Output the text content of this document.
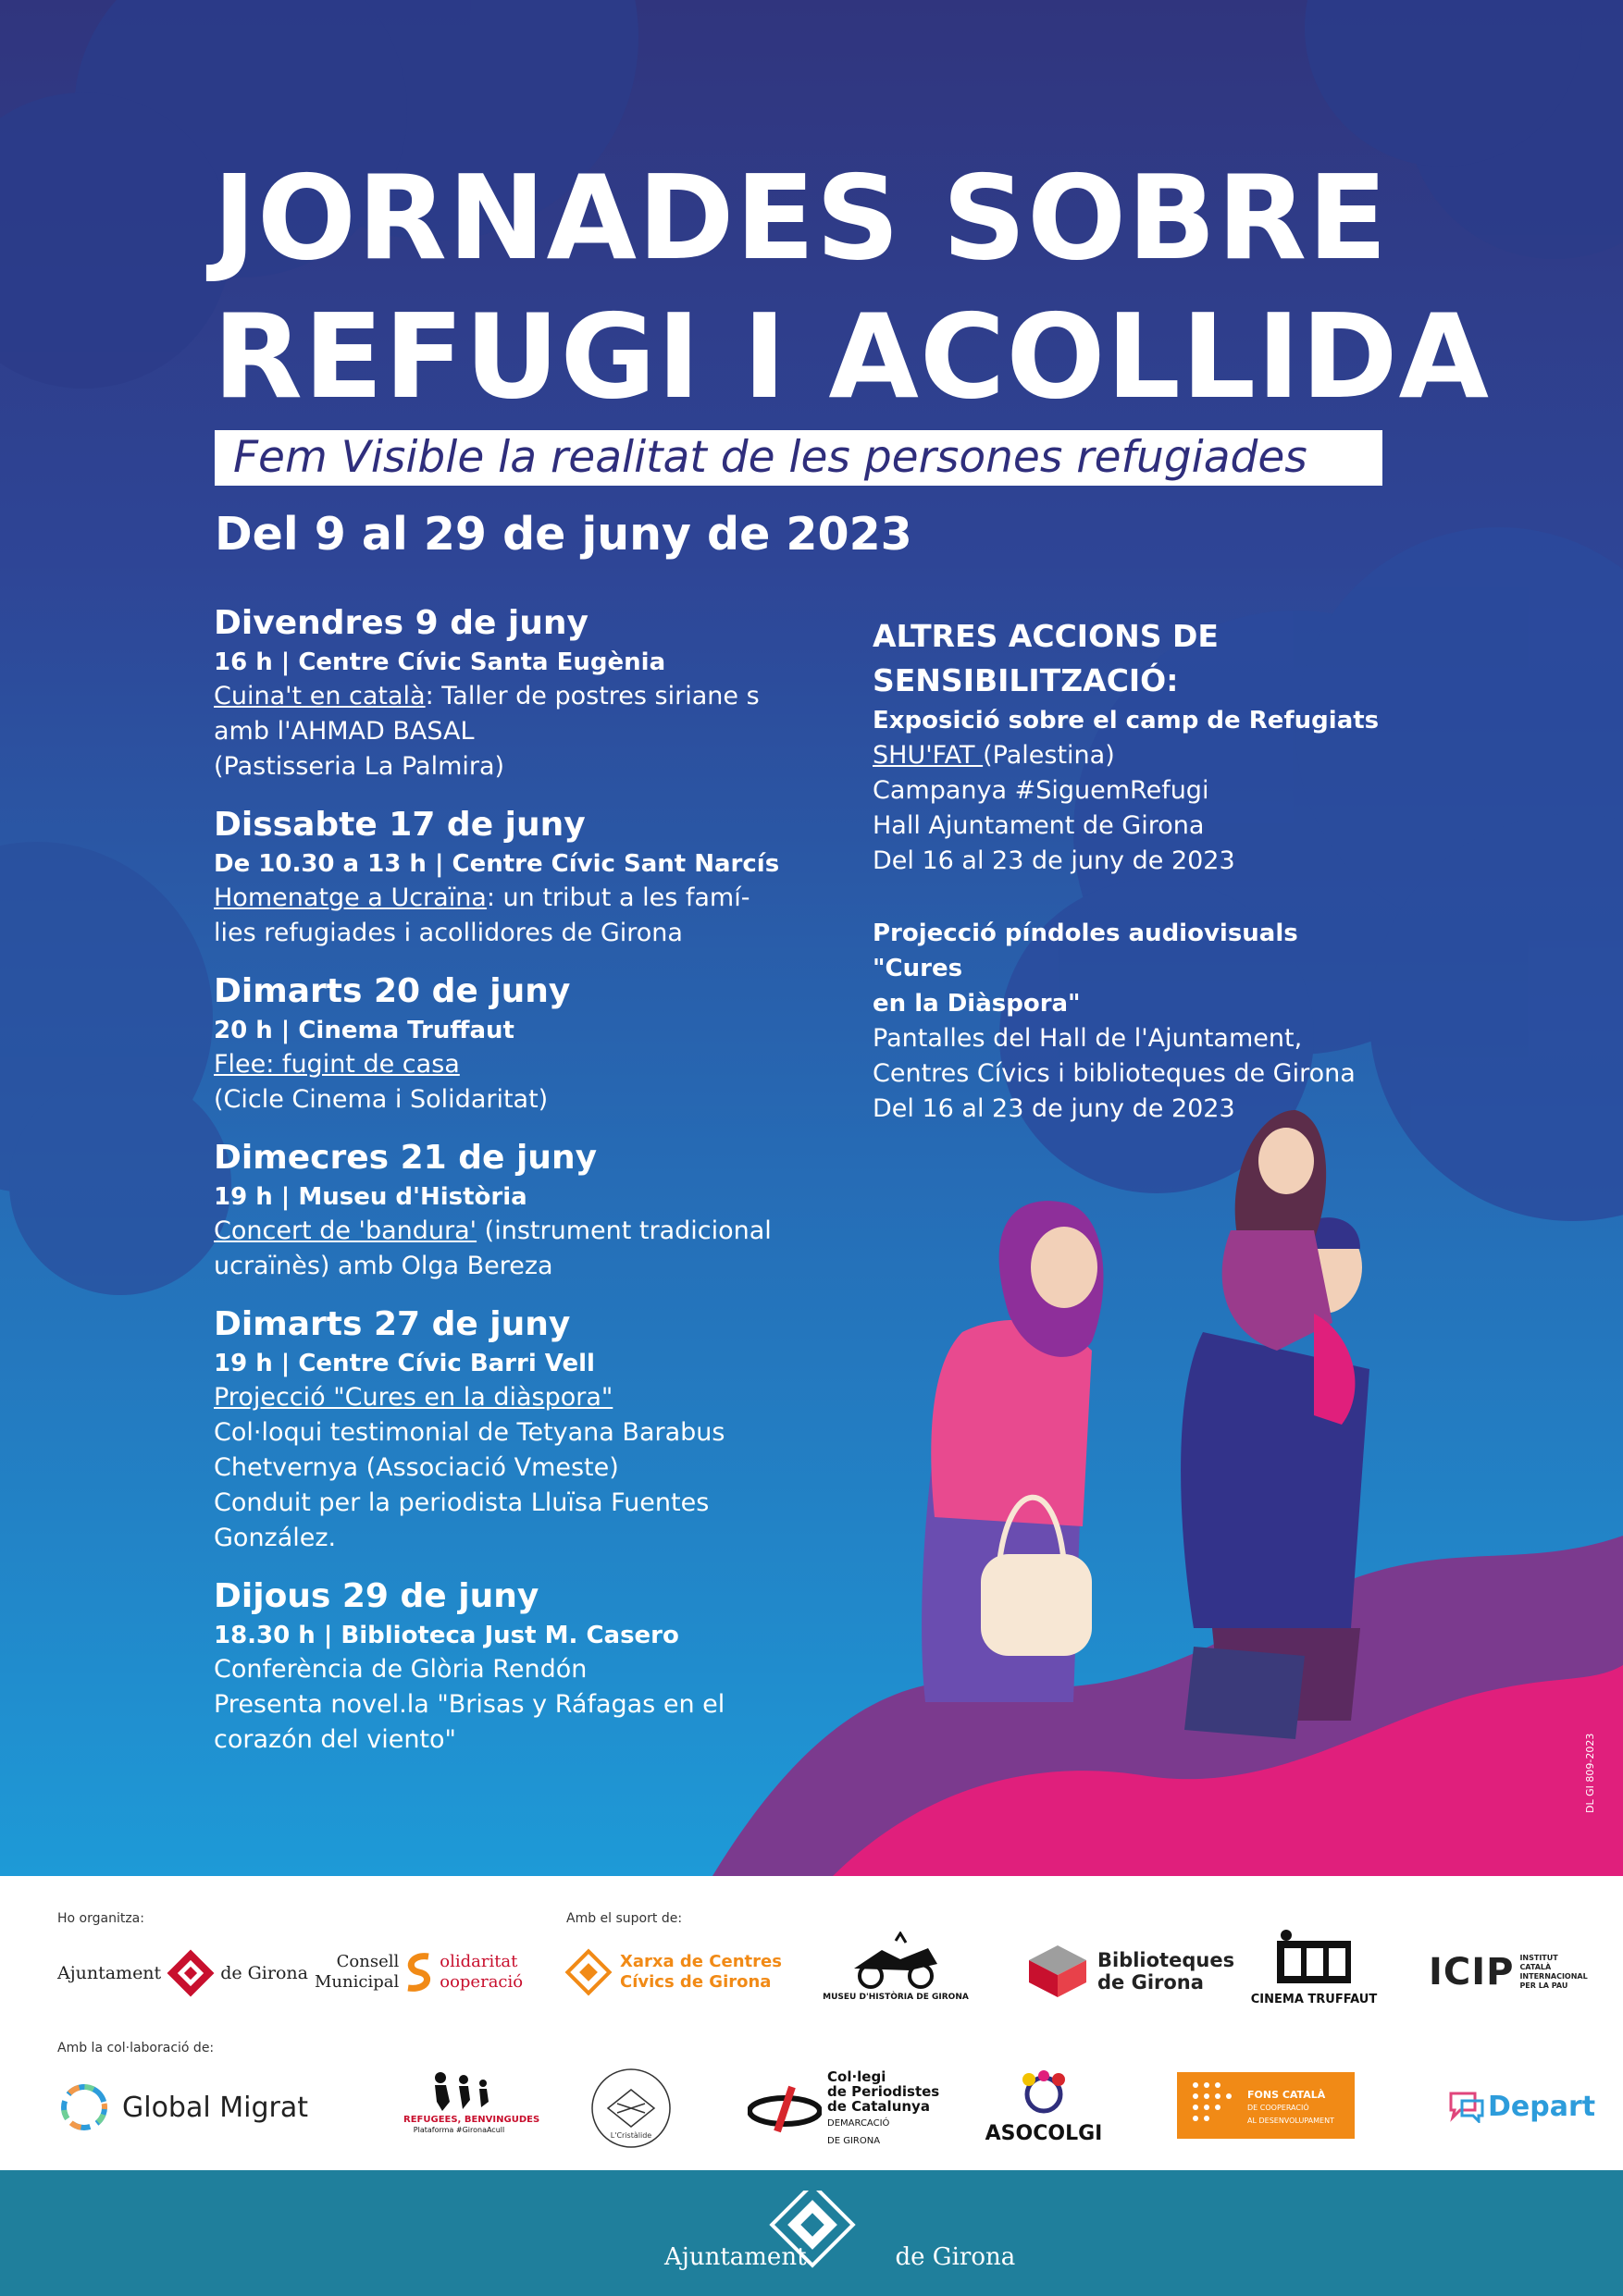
JORNADES SOBRE
REFUGI I ACOLLIDA
Fem Visible la realitat de les persones refugiades
Del 9 al 29 de juny de 2023

Divendres 9 de juny

16 h | Centre Cívic Santa Eugènia

Cuina't en català: Taller de postres siriane s

amb l'AHMAD BASAL

(Pastisseria La Palmira)

Dissabte 17 de juny

De 10.30 a 13 h | Centre Cívic Sant Narcís

Homenatge a Ucraïna: un tribut a les famí-

lies refugiades i acollidores de Girona

Dimarts 20 de juny

20 h | Cinema Truffaut

Flee: fugint de casa

(Cicle Cinema i Solidaritat)

Dimecres 21 de juny

19 h | Museu d'Història

Concert de 'bandura' (instrument tradicional

ucraïnès) amb Olga Bereza

Dimarts 27 de juny

19 h | Centre Cívic Barri Vell

Projecció "Cures en la diàspora"

Col·loqui testimonial de Tetyana Barabus

Chetvernya (Associació Vmeste)

Conduit per la periodista Lluïsa Fuentes

González.

Dijous 29 de juny

18.30 h | Biblioteca Just M. Casero

Conferència de Glòria Rendón

Presenta novel.la "Brisas y Ráfagas en el

corazón del viento"

ALTRES ACCIONS DE
SENSIBILITZACIÓ:

Exposició sobre el camp de Refugiats

SHU'FAT (Palestina)

Campanya #SiguemRefugi

Hall Ajuntament de Girona

Del 16 al 23 de juny de 2023

Projecció píndoles audiovisuals "Cures
en la Diàspora"

Pantalles del Hall de l'Ajuntament,

Centres Cívics i biblioteques de Girona

Del 16 al 23 de juny de 2023

DL GI 809-2023
Ho organitza:	Amb el suport de:
Amb la col·laboració de:
Ajuntament	de Girona
Consell
Municipal
olidaritat
ooperació
Xarxa de Centres
Cívics de Girona
MUSEU D'HISTÒRIA DE GIRONA
Biblioteques
de Girona
CINEMA TRUFFAUT
ICIP INSTITUT
CATALÀ
INTERNACIONAL
PER LA PAU
Global Migrat	REFUGEES, BENVINGUDES
Plataforma #GironaAcull
L'Cristàlide
Col·legi
de Periodistes
de Catalunya
DEMARCACIÓ
DE GIRONA	ASOCOLGI
FONS CATALÀ
DE COOPERACIÓ
AL DESENVOLUPAMENT	Depart
Ajuntament	de Girona
